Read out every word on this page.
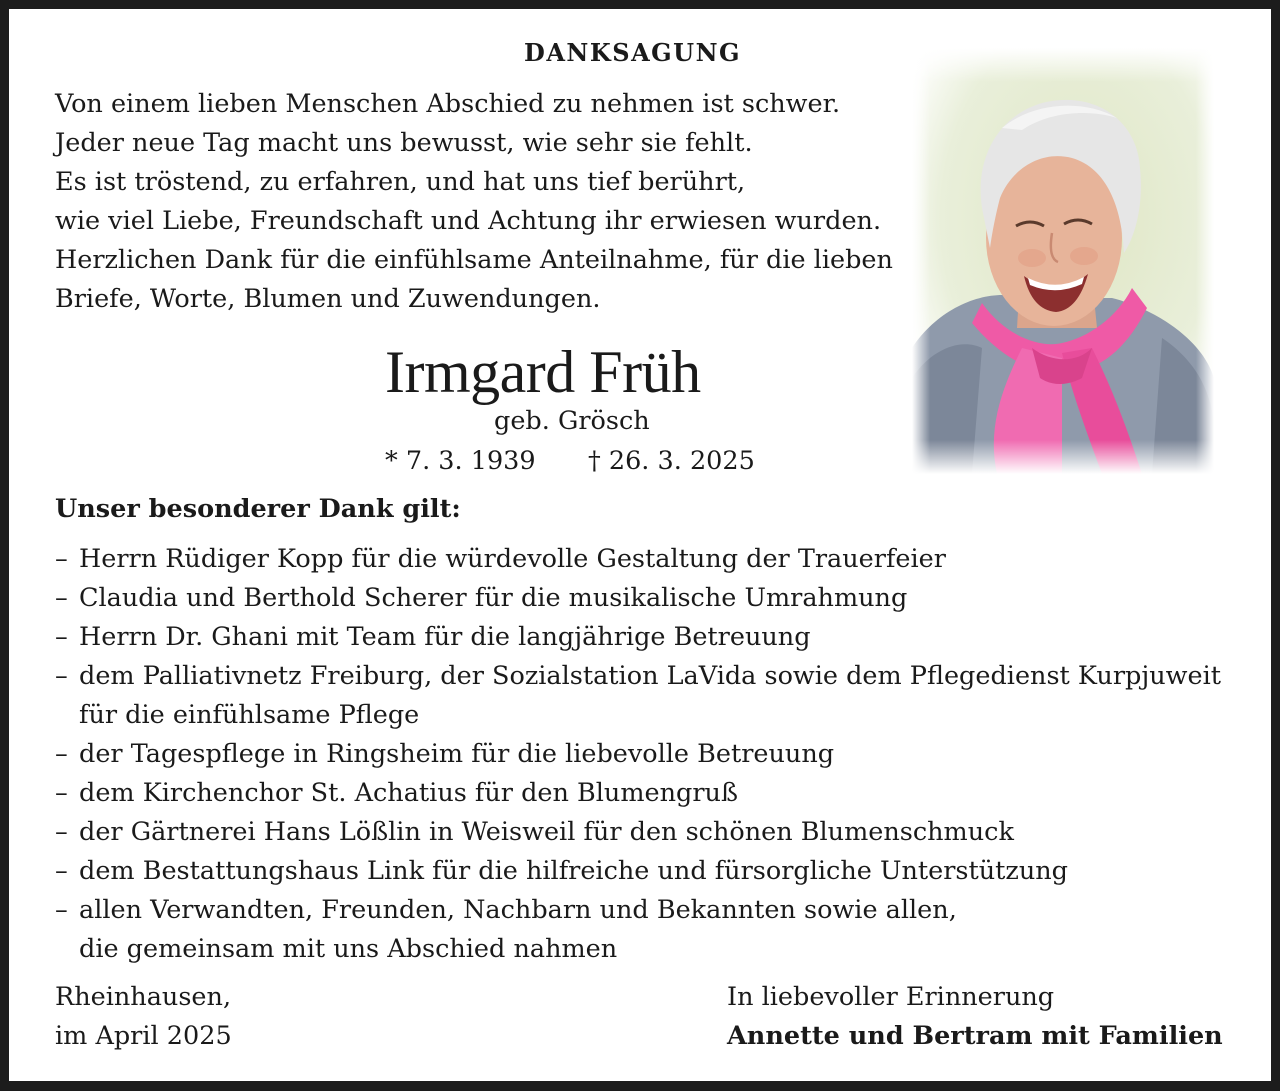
DANKSAGUNG
Von einem lieben Menschen Abschied zu nehmen ist schwer.
Jeder neue Tag macht uns bewusst, wie sehr sie fehlt.
Es ist tröstend, zu erfahren, und hat uns tief berührt,
wie viel Liebe, Freundschaft und Achtung ihr erwiesen wurden.
Herzlichen Dank für die einfühlsame Anteilnahme, für die lieben
Briefe, Worte, Blumen und Zuwendungen.
Irmgard Früh
geb. Grösch
* 7. 3. 1939 † 26. 3. 2025
Unser besonderer Dank gilt:
– Herrn Rüdiger Kopp für die würdevolle Gestaltung der Trauerfeier
– Claudia und Berthold Scherer für die musikalische Umrahmung
– Herrn Dr. Ghani mit Team für die langjährige Betreuung
– dem Palliativnetz Freiburg, der Sozialstation LaVida sowie dem Pflegedienst Kurpjuweit
für die einfühlsame Pflege
– der Tagespflege in Ringsheim für die liebevolle Betreuung
– dem Kirchenchor St. Achatius für den Blumengruß
– der Gärtnerei Hans Lößlin in Weisweil für den schönen Blumenschmuck
– dem Bestattungshaus Link für die hilfreiche und fürsorgliche Unterstützung
– allen Verwandten, Freunden, Nachbarn und Bekannten sowie allen,
die gemeinsam mit uns Abschied nahmen
Rheinhausen,
im April 2025
In liebevoller Erinnerung
Annette und Bertram mit Familien
